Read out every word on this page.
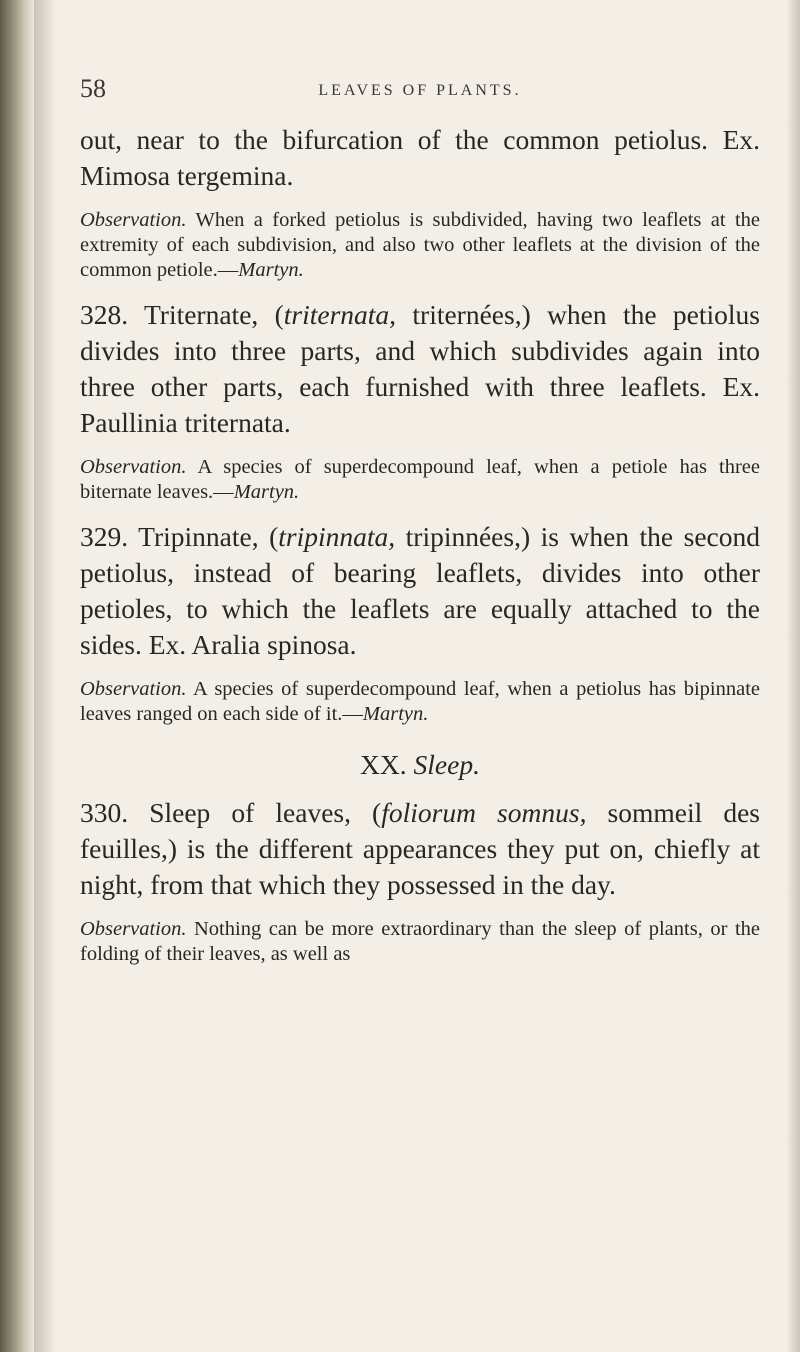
58	LEAVES OF PLANTS.

out, near to the bifurcation of the common petiolus. Ex. Mimosa tergemina.

Observation. When a forked petiolus is subdivided, having two leaflets at the extremity of each subdivision, and also two other leaflets at the division of the common petiole.—Martyn.

328. Triternate, (triternata, triternées,) when the petiolus divides into three parts, and which subdivides again into three other parts, each furnished with three leaflets. Ex. Paullinia triternata.

Observation. A species of superdecompound leaf, when a petiole has three biternate leaves.—Martyn.

329. Tripinnate, (tripinnata, tripinnées,) is when the second petiolus, instead of bearing leaflets, divides into other petioles, to which the leaflets are equally attached to the sides. Ex. Aralia spinosa.

Observation. A species of superdecompound leaf, when a petiolus has bipinnate leaves ranged on each side of it.—Martyn.

XX. Sleep.

330. Sleep of leaves, (foliorum somnus, sommeil des feuilles,) is the different appearances they put on, chiefly at night, from that which they possessed in the day.

Observation. Nothing can be more extraordinary than the sleep of plants, or the folding of their leaves, as well as
